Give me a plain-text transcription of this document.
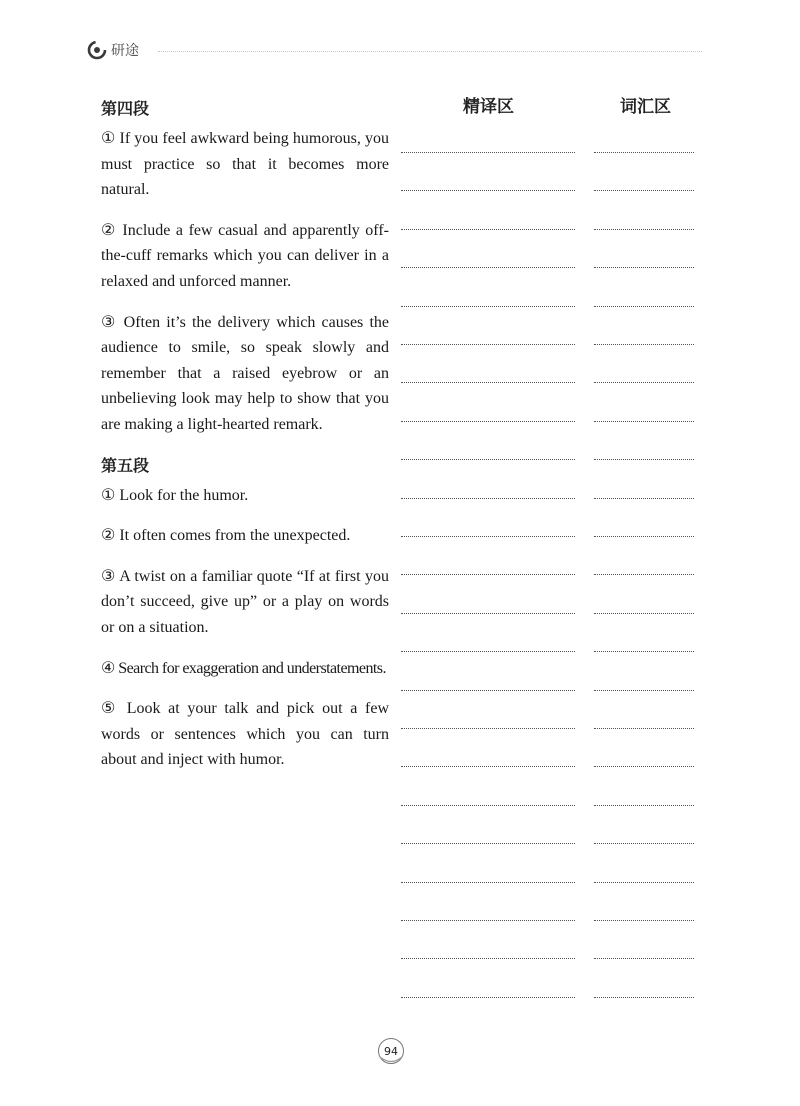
研途
精译区	词汇区
第四段

① If you feel awkward being humorous, you must practice so that it becomes more natural.

② Include a few casual and apparently off-the-cuff remarks which you can deliver in a relaxed and unforced manner.

③ Often it’s the delivery which causes the audience to smile, so speak slowly and remember that a raised eyebrow or an unbelieving look may help to show that you are making a light-hearted remark.

第五段

① Look for the humor.

② It often comes from the unexpected.

③ A twist on a familiar quote “If at first you don’t succeed, give up” or a play on words or on a situation.

④ Search for exaggeration and understatements.

⑤ Look at your talk and pick out a few words or sentences which you can turn about and inject with humor.

94
